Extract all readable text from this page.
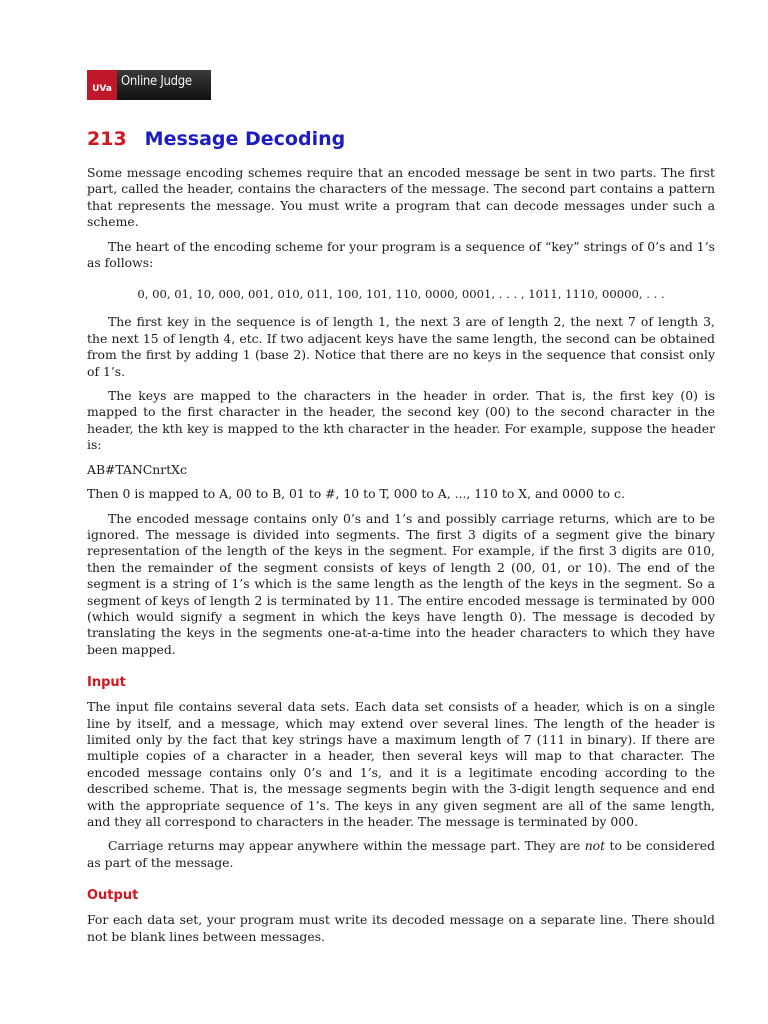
UVa
Online Judge
213 Message Decoding

Some message encoding schemes require that an encoded message be sent in two parts. The first part, called the header, contains the characters of the message. The second part contains a pattern that represents the message. You must write a program that can decode messages under such a scheme.

The heart of the encoding scheme for your program is a sequence of “key” strings of 0’s and 1’s as follows:

0, 00, 01, 10, 000, 001, 010, 011, 100, 101, 110, 0000, 0001, . . . , 1011, 1110, 00000, . . .

The first key in the sequence is of length 1, the next 3 are of length 2, the next 7 of length 3, the next 15 of length 4, etc. If two adjacent keys have the same length, the second can be obtained from the first by adding 1 (base 2). Notice that there are no keys in the sequence that consist only of 1’s.

The keys are mapped to the characters in the header in order. That is, the first key (0) is mapped to the first character in the header, the second key (00) to the second character in the header, the kth key is mapped to the kth character in the header. For example, suppose the header is:

AB#TANCnrtXc

Then 0 is mapped to A, 00 to B, 01 to #, 10 to T, 000 to A, ..., 110 to X, and 0000 to c.

The encoded message contains only 0’s and 1’s and possibly carriage returns, which are to be ignored. The message is divided into segments. The first 3 digits of a segment give the binary representation of the length of the keys in the segment. For example, if the first 3 digits are 010, then the remainder of the segment consists of keys of length 2 (00, 01, or 10). The end of the segment is a string of 1’s which is the same length as the length of the keys in the segment. So a segment of keys of length 2 is terminated by 11. The entire encoded message is terminated by 000 (which would signify a segment in which the keys have length 0). The message is decoded by translating the keys in the segments one-at-a-time into the header characters to which they have been mapped.

Input

The input file contains several data sets. Each data set consists of a header, which is on a single line by itself, and a message, which may extend over several lines. The length of the header is limited only by the fact that key strings have a maximum length of 7 (111 in binary). If there are multiple copies of a character in a header, then several keys will map to that character. The encoded message contains only 0’s and 1’s, and it is a legitimate encoding according to the described scheme. That is, the message segments begin with the 3-digit length sequence and end with the appropriate sequence of 1’s. The keys in any given segment are all of the same length, and they all correspond to characters in the header. The message is terminated by 000.

Carriage returns may appear anywhere within the message part. They are not to be considered as part of the message.

Output

For each data set, your program must write its decoded message on a separate line. There should not be blank lines between messages.
